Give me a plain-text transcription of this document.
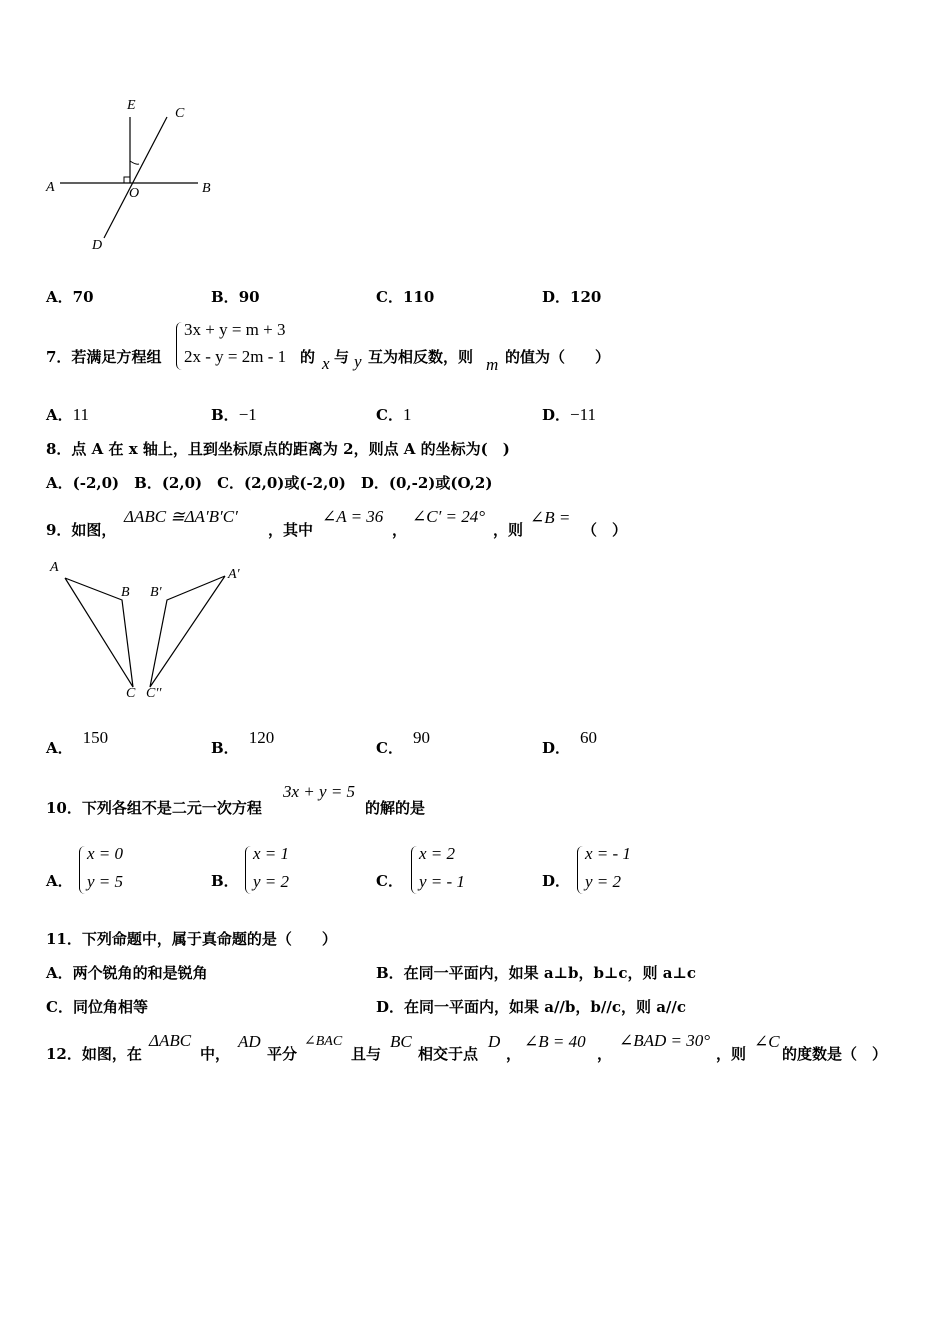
E
C
A	O	B
D
A．70	B．90	C．110	D．120
7．若满足方程组
3x + y = m + 3
2x - y = 2m - 1 的 x 与 y 互为相反数，则 m 的值为（　　）
A．11	B．−1	C．1	D．−11
8．点 A 在 x 轴上，且到坐标原点的距离为 2，则点 A 的坐标为(　)
A．(-2,0)　B．(2,0)　C．(2,0)或(-2,0)　D．(0,-2)或(O,2)
9．如图，
ΔABC ≅ΔA′B′C′
，其中
∠A = 36
，
∠C′ = 24°
，则
∠B =
（　）
A
B
C
B′
A′
C′′
A．150
B．120
C．90
D．60
10．下列各组不是二元一次方程
3x + y = 5
的解的是
A．
x = 0
y = 5	B．
x = 1
y = 2	C．
x = 2
y = - 1	D．
x = - 1
y = 2
11．下列命题中，属于真命题的是（　　）
A．两个锐角的和是锐角	B．在同一平面内，如果 a⊥b，b⊥c，则 a⊥c
C．同位角相等	D．在同一平面内，如果 a//b，b//c，则 a//c
12．如图，在
ΔABC
中，
AD
平分
∠BAC
且与
BC
相交于点
D
，
∠B = 40
，
∠BAD = 30°
，则
∠C
的度数是（　）
